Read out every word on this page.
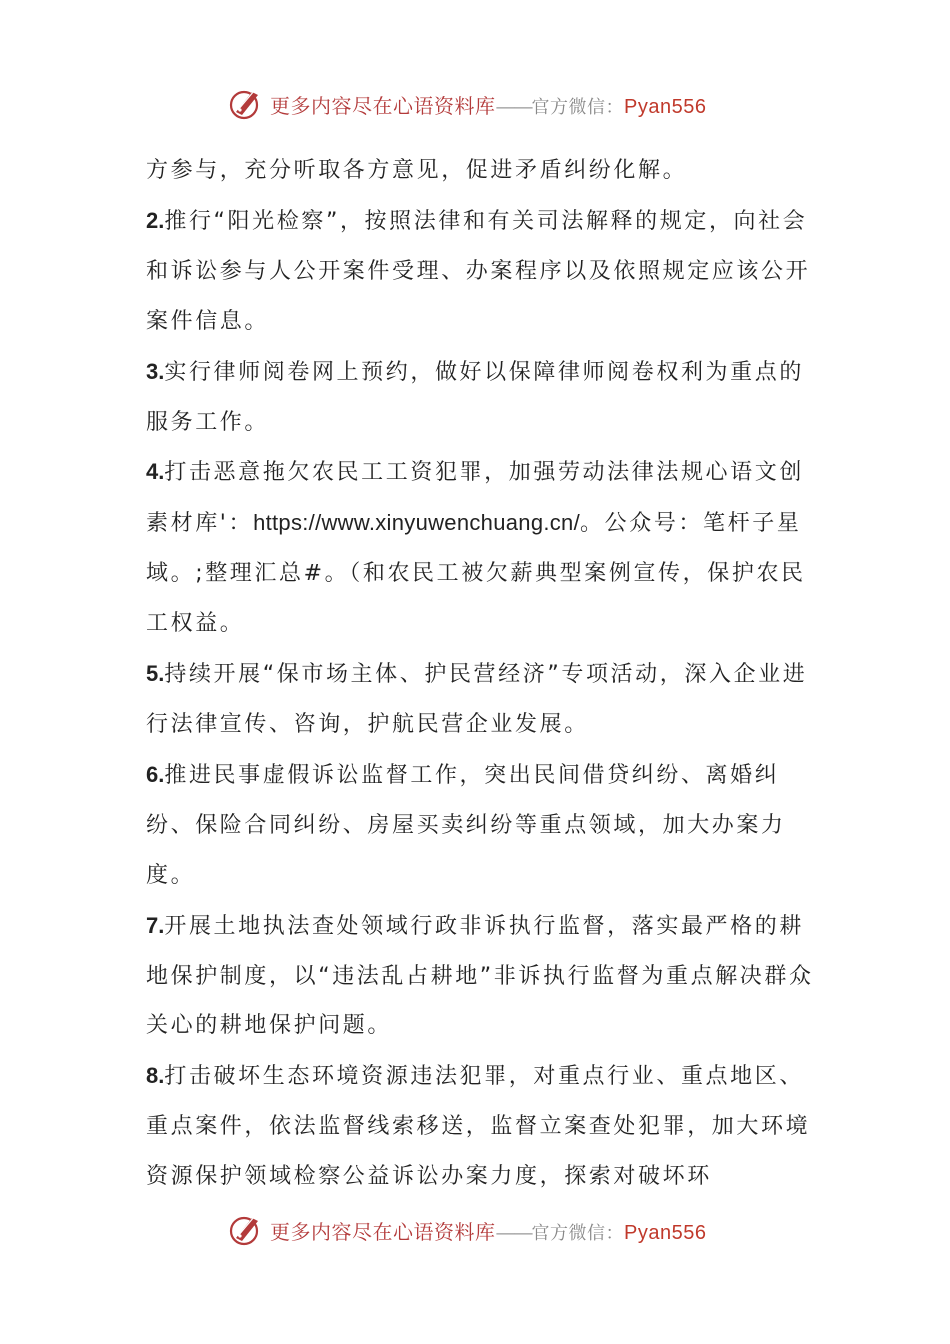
更多内容尽在心语资料库——官方微信：Pyan556

方参与，充分听取各方意见，促进矛盾纠纷化解。

2.推行“阳光检察”，按照法律和有关司法解释的规定，向社会和诉讼参与人公开案件受理、办案程序以及依照规定应该公开案件信息。

3.实行律师阅卷网上预约，做好以保障律师阅卷权利为重点的服务工作。

4.打击恶意拖欠农民工工资犯罪，加强劳动法律法规心语文创素材库'：https://www.xinyuwenchuang.cn/。公众号：笔杆子星域。;整理汇总#。（和农民工被欠薪典型案例宣传，保护农民工权益。

5.持续开展“保市场主体、护民营经济”专项活动，深入企业进行法律宣传、咨询，护航民营企业发展。

6.推进民事虚假诉讼监督工作，突出民间借贷纠纷、离婚纠纷、保险合同纠纷、房屋买卖纠纷等重点领域，加大办案力度。

7.开展土地执法查处领域行政非诉执行监督，落实最严格的耕地保护制度，以“违法乱占耕地”非诉执行监督为重点解决群众关心的耕地保护问题。

8.打击破坏生态环境资源违法犯罪，对重点行业、重点地区、重点案件，依法监督线索移送，监督立案查处犯罪，加大环境资源保护领域检察公益诉讼办案力度，探索对破坏环

更多内容尽在心语资料库——官方微信：Pyan556
